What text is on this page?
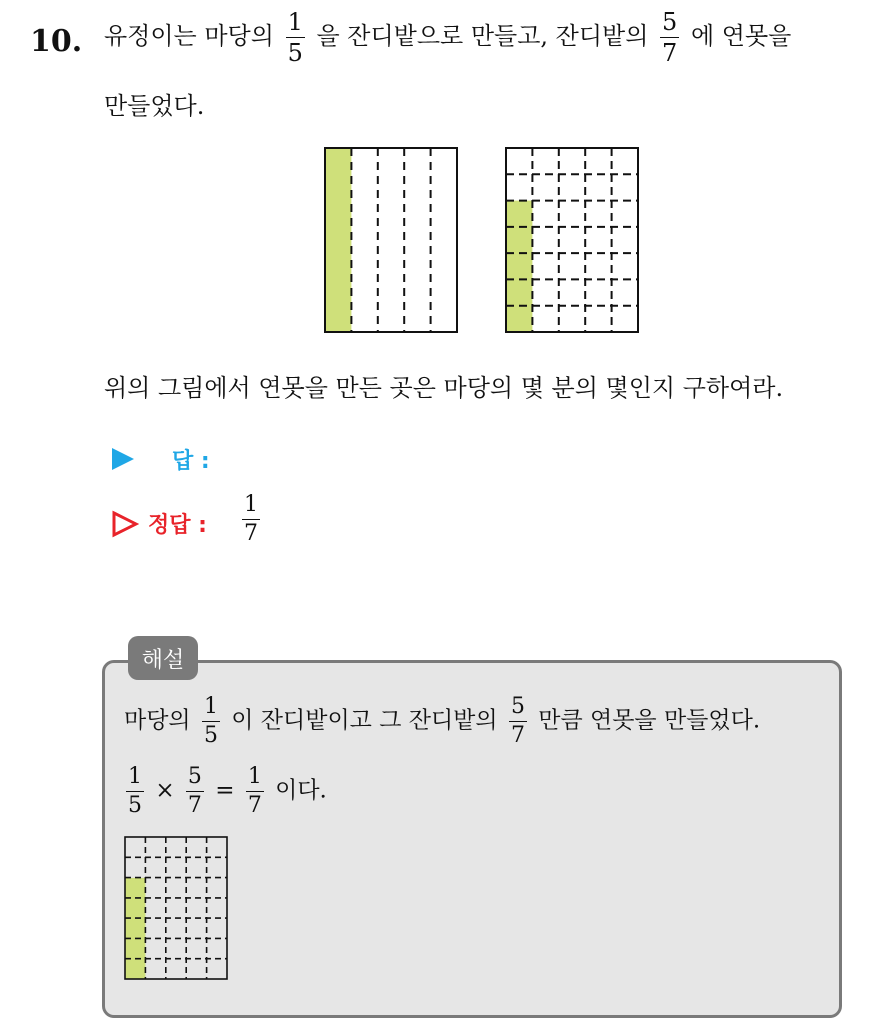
10. 유정이는 마당의 $\frac{1}{5}$ 을 잔디밭으로 만들고, 잔디밭의 $\frac{5}{7}$ 에 연못을
만들었다.
위의 그림에서 연못을 만든 곳은 마당의 몇 분의 몇인지 구하여라.
답 :
정답 : $\frac{1}{7}$
해설
마당의 $\frac{1}{5}$ 이 잔디밭이고 그 잔디밭의 $\frac{5}{7}$ 만큼 연못을 만들었다.
$\frac{1}{5} \times \frac{5}{7} = \frac{1}{7}$ 이다.
